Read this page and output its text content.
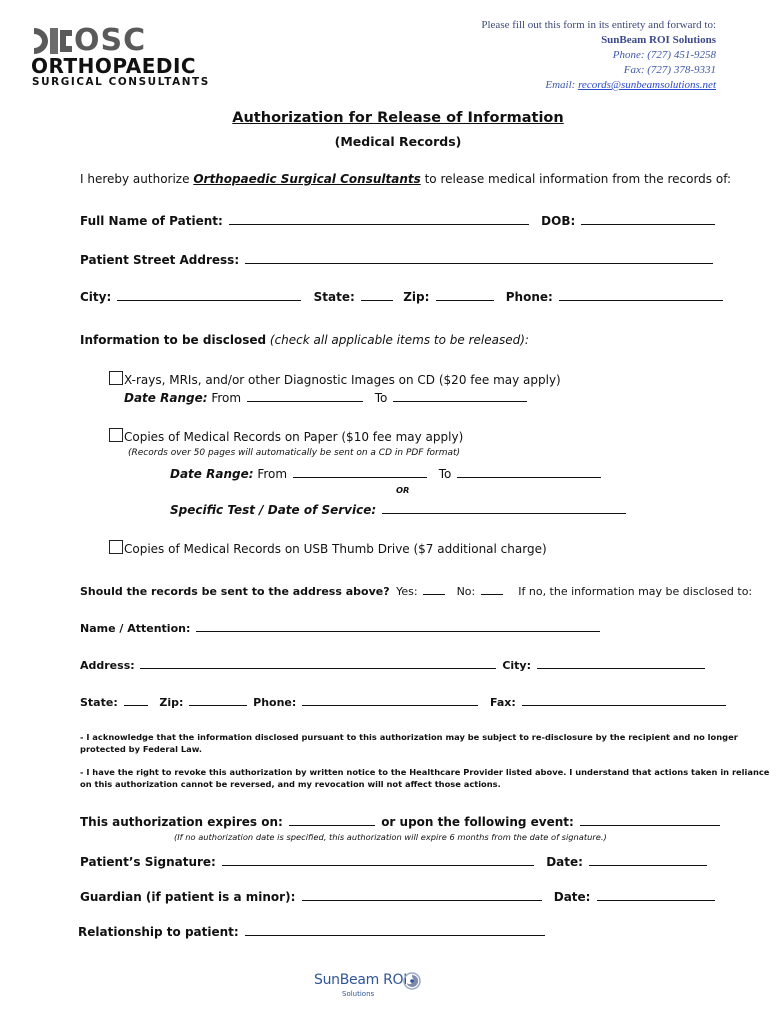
OSC
ORTHOPAEDIC
SURGICAL CONSULTANTS
Please fill out this form in its entirety and forward to:
SunBeam ROI Solutions
Phone: (727) 451-9258
Fax: (727) 378-9331
Email: records@sunbeamsolutions.net
Authorization for Release of Information
(Medical Records)
I hereby authorize Orthopaedic Surgical Consultants to release medical information from the records of:
Full Name of Patient:	DOB:
Patient Street Address:
City:	State:	Zip:	Phone:
Information to be disclosed (check all applicable items to be released):
X-rays, MRIs, and/or other Diagnostic Images on CD ($20 fee may apply)
Date Range: From	To
Copies of Medical Records on Paper ($10 fee may apply)
(Records over 50 pages will automatically be sent on a CD in PDF format)
Date Range: From	To
OR
Specific Test / Date of Service:
Copies of Medical Records on USB Thumb Drive ($7 additional charge)
Should the records be sent to the address above? Yes:	No:	If no, the information may be disclosed to:
Name / Attention:
Address:	City:
State:	Zip:	Phone:	Fax:
- I acknowledge that the information disclosed pursuant to this authorization may be subject to re-disclosure by the recipient and no longer
protected by Federal Law.
- I have the right to revoke this authorization by written notice to the Healthcare Provider listed above. I understand that actions taken in reliance
on this authorization cannot be reversed, and my revocation will not affect those actions.
This authorization expires on:	or upon the following event:
(If no authorization date is specified, this authorization will expire 6 months from the date of signature.)
Patient’s Signature:	Date:
Guardian (if patient is a minor):	Date:
Relationship to patient:
SunBeam ROI
Solutions
